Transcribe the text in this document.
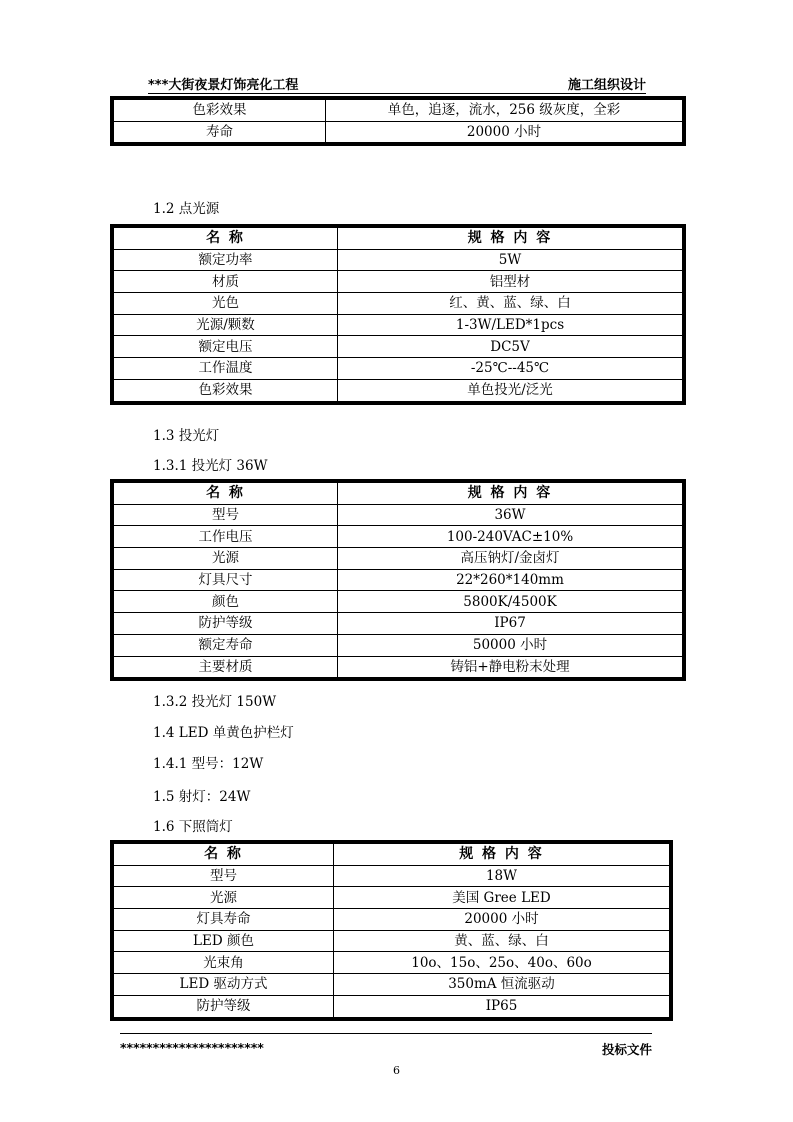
***大街夜景灯饰亮化工程	施工组织设计
色彩效果	单色，追逐，流水，256 级灰度，全彩
寿命	20000 小时
1.2 点光源
名 称	规 格 内 容
额定功率	5W
材质	铝型材
光色	红、黄、蓝、绿、白
光源/颗数	1-3W/LED*1pcs
额定电压	DC5V
工作温度	-25℃--45℃
色彩效果	单色投光/泛光
1.3 投光灯
1.3.1 投光灯 36W
名 称	规 格 内 容
型号	36W
工作电压	100-240VAC±10%
光源	高压钠灯/金卤灯
灯具尺寸	22*260*140mm
颜色	5800K/4500K
防护等级	IP67
额定寿命	50000 小时
主要材质	铸铝+静电粉末处理
1.3.2 投光灯 150W
1.4 LED 单黄色护栏灯
1.4.1 型号：12W
1.5 射灯：24W
1.6 下照筒灯
名 称	规 格 内 容
型号	18W
光源	美国 Gree LED
灯具寿命	20000 小时
LED 颜色	黄、蓝、绿、白
光束角	10o、15o、25o、40o、60o
LED 驱动方式	350mA 恒流驱动
防护等级	IP65
**********************	投标文件
6
